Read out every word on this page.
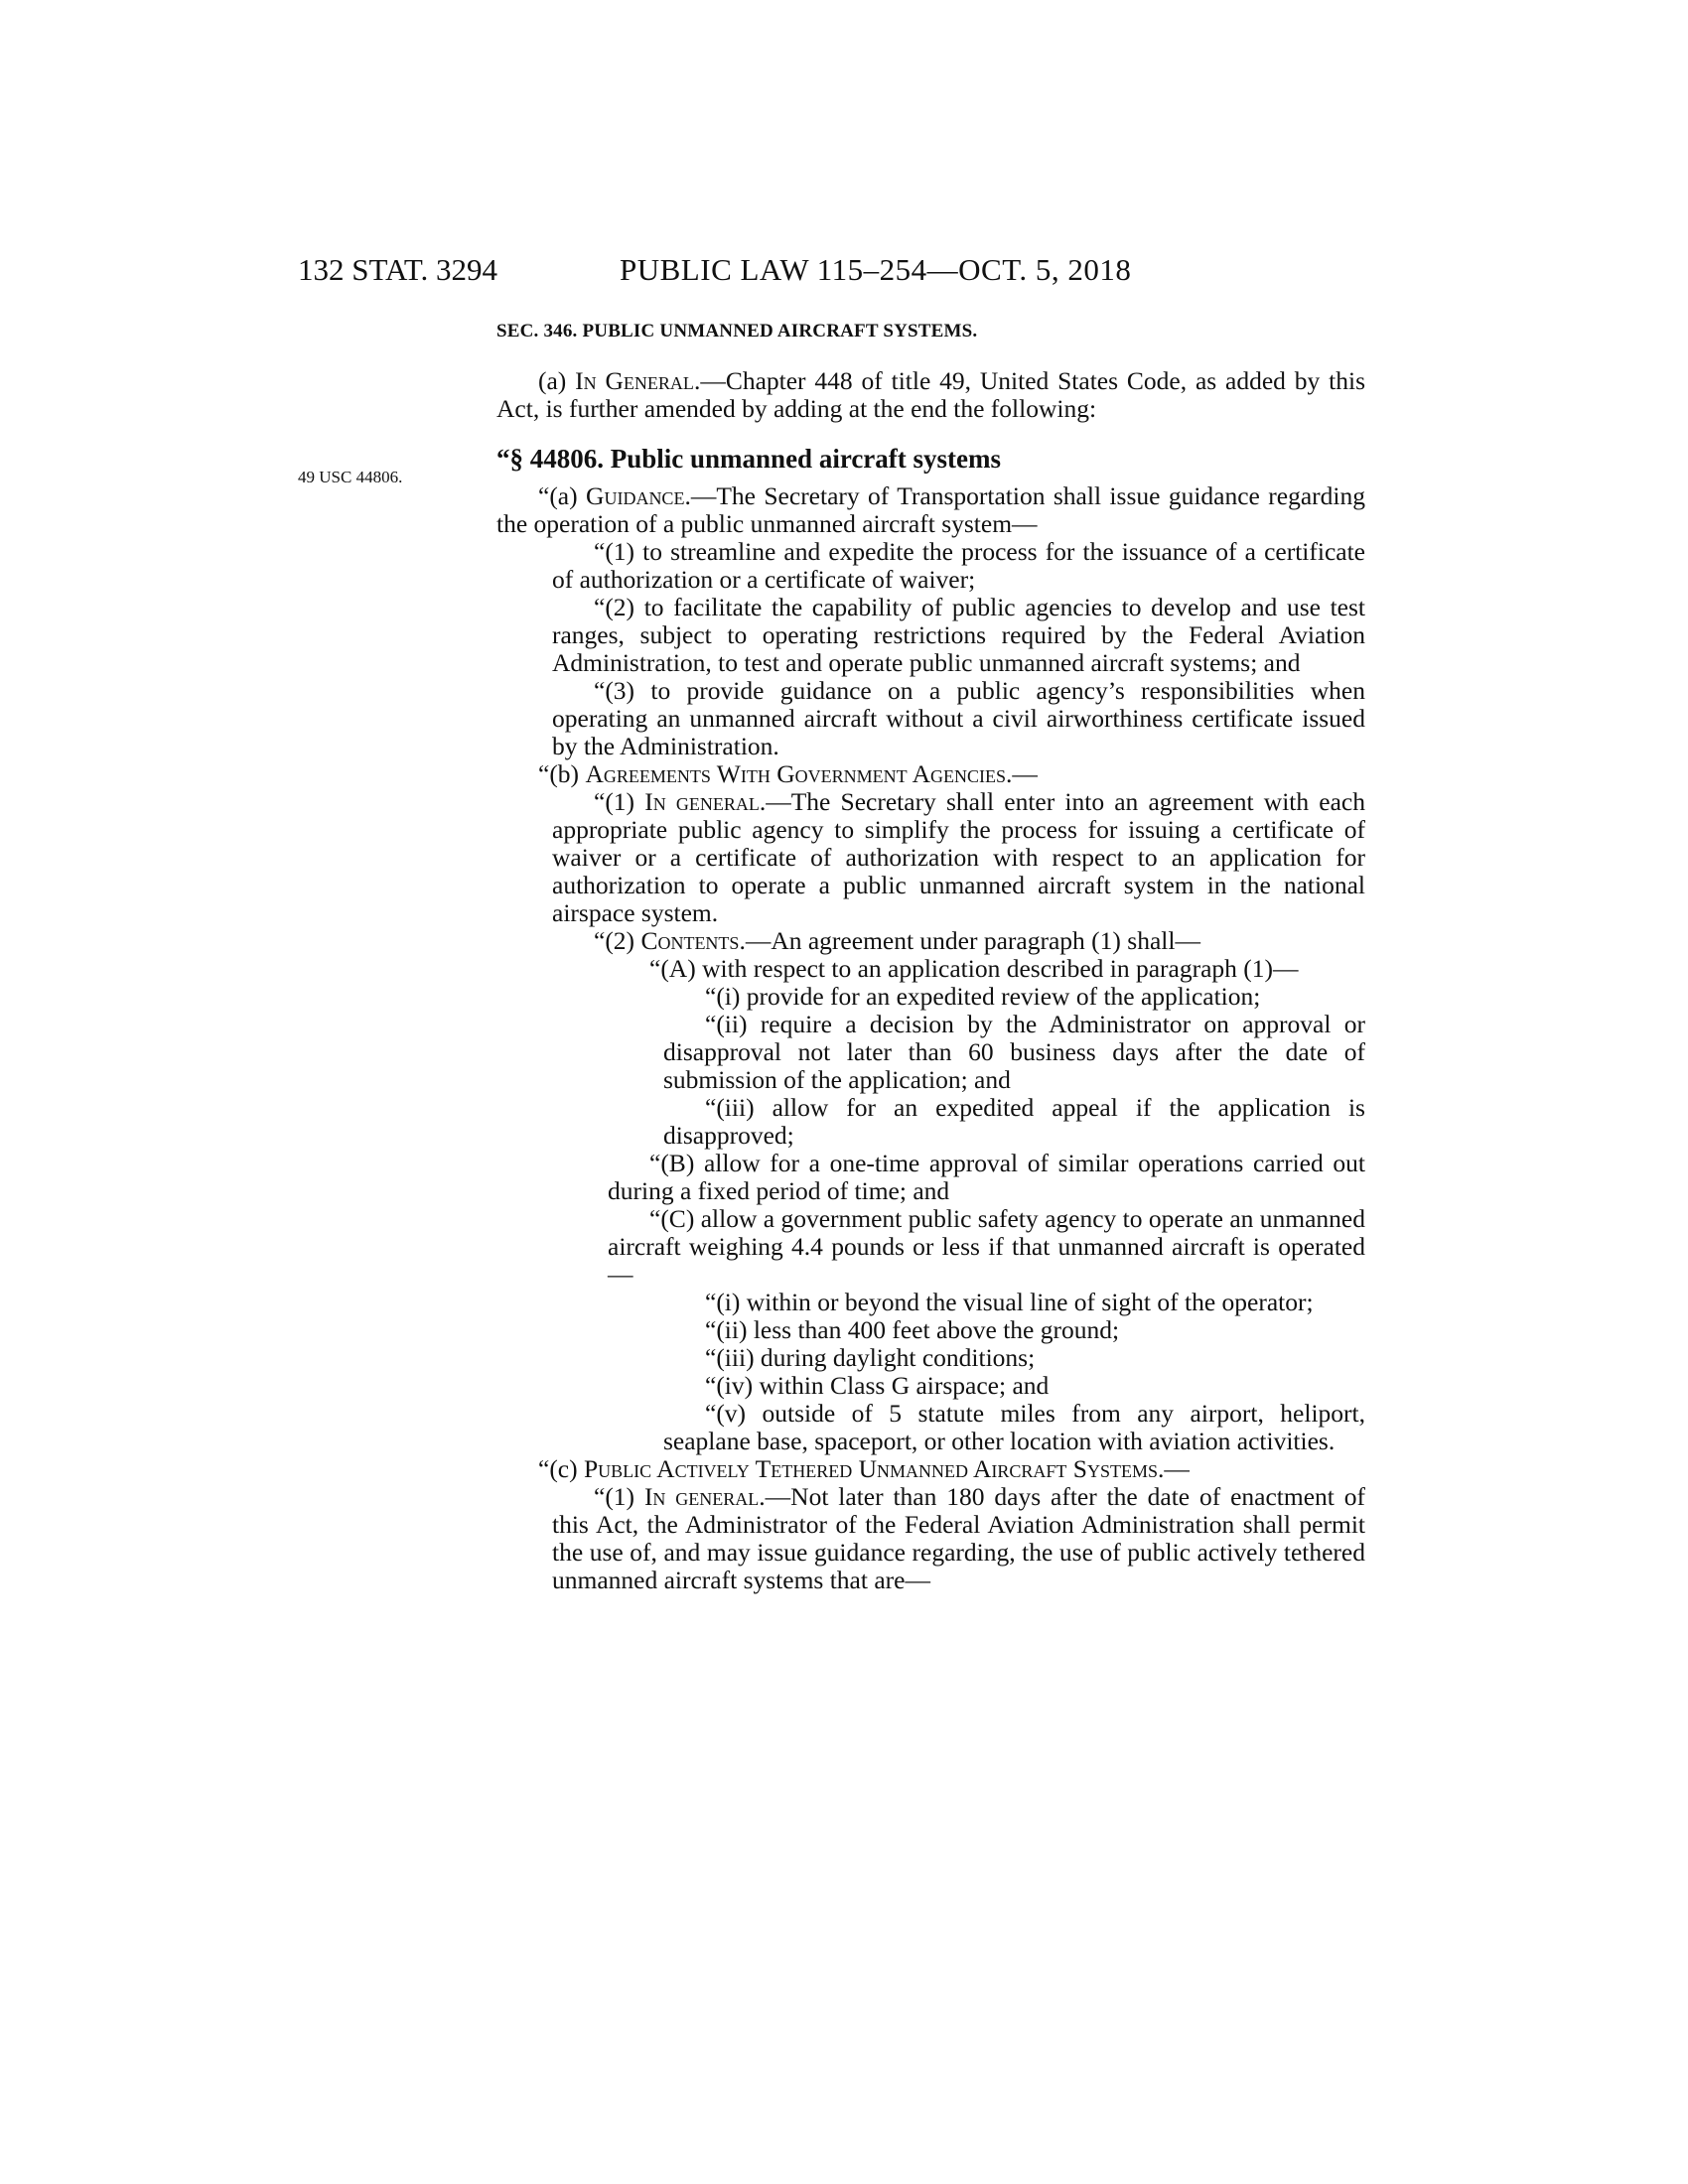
132 STAT. 3294	PUBLIC LAW 115–254—OCT. 5, 2018
49 USC 44806.
SEC. 346. PUBLIC UNMANNED AIRCRAFT SYSTEMS.

(a) In General.—Chapter 448 of title 49, United States Code, as added by this Act, is further amended by adding at the end the following:

“§ 44806. Public unmanned aircraft systems

“(a) Guidance.—The Secretary of Transportation shall issue guidance regarding the operation of a public unmanned aircraft system—

“(1) to streamline and expedite the process for the issuance of a certificate of authorization or a certificate of waiver;

“(2) to facilitate the capability of public agencies to develop and use test ranges, subject to operating restrictions required by the Federal Aviation Administration, to test and operate public unmanned aircraft systems; and

“(3) to provide guidance on a public agency’s responsibilities when operating an unmanned aircraft without a civil airworthiness certificate issued by the Administration.

“(b) Agreements With Government Agencies.—

“(1) In general.—The Secretary shall enter into an agreement with each appropriate public agency to simplify the process for issuing a certificate of waiver or a certificate of authorization with respect to an application for authorization to operate a public unmanned aircraft system in the national airspace system.

“(2) Contents.—An agreement under paragraph (1) shall—

“(A) with respect to an application described in paragraph (1)—

“(i) provide for an expedited review of the application;

“(ii) require a decision by the Administrator on approval or disapproval not later than 60 business days after the date of submission of the application; and

“(iii) allow for an expedited appeal if the application is disapproved;

“(B) allow for a one-time approval of similar operations carried out during a fixed period of time; and

“(C) allow a government public safety agency to operate an unmanned aircraft weighing 4.4 pounds or less if that unmanned aircraft is operated—

“(i) within or beyond the visual line of sight of the operator;

“(ii) less than 400 feet above the ground;

“(iii) during daylight conditions;

“(iv) within Class G airspace; and

“(v) outside of 5 statute miles from any airport, heliport, seaplane base, spaceport, or other location with aviation activities.

“(c) Public Actively Tethered Unmanned Aircraft Systems.—

“(1) In general.—Not later than 180 days after the date of enactment of this Act, the Administrator of the Federal Aviation Administration shall permit the use of, and may issue guidance regarding, the use of public actively tethered unmanned aircraft systems that are—
